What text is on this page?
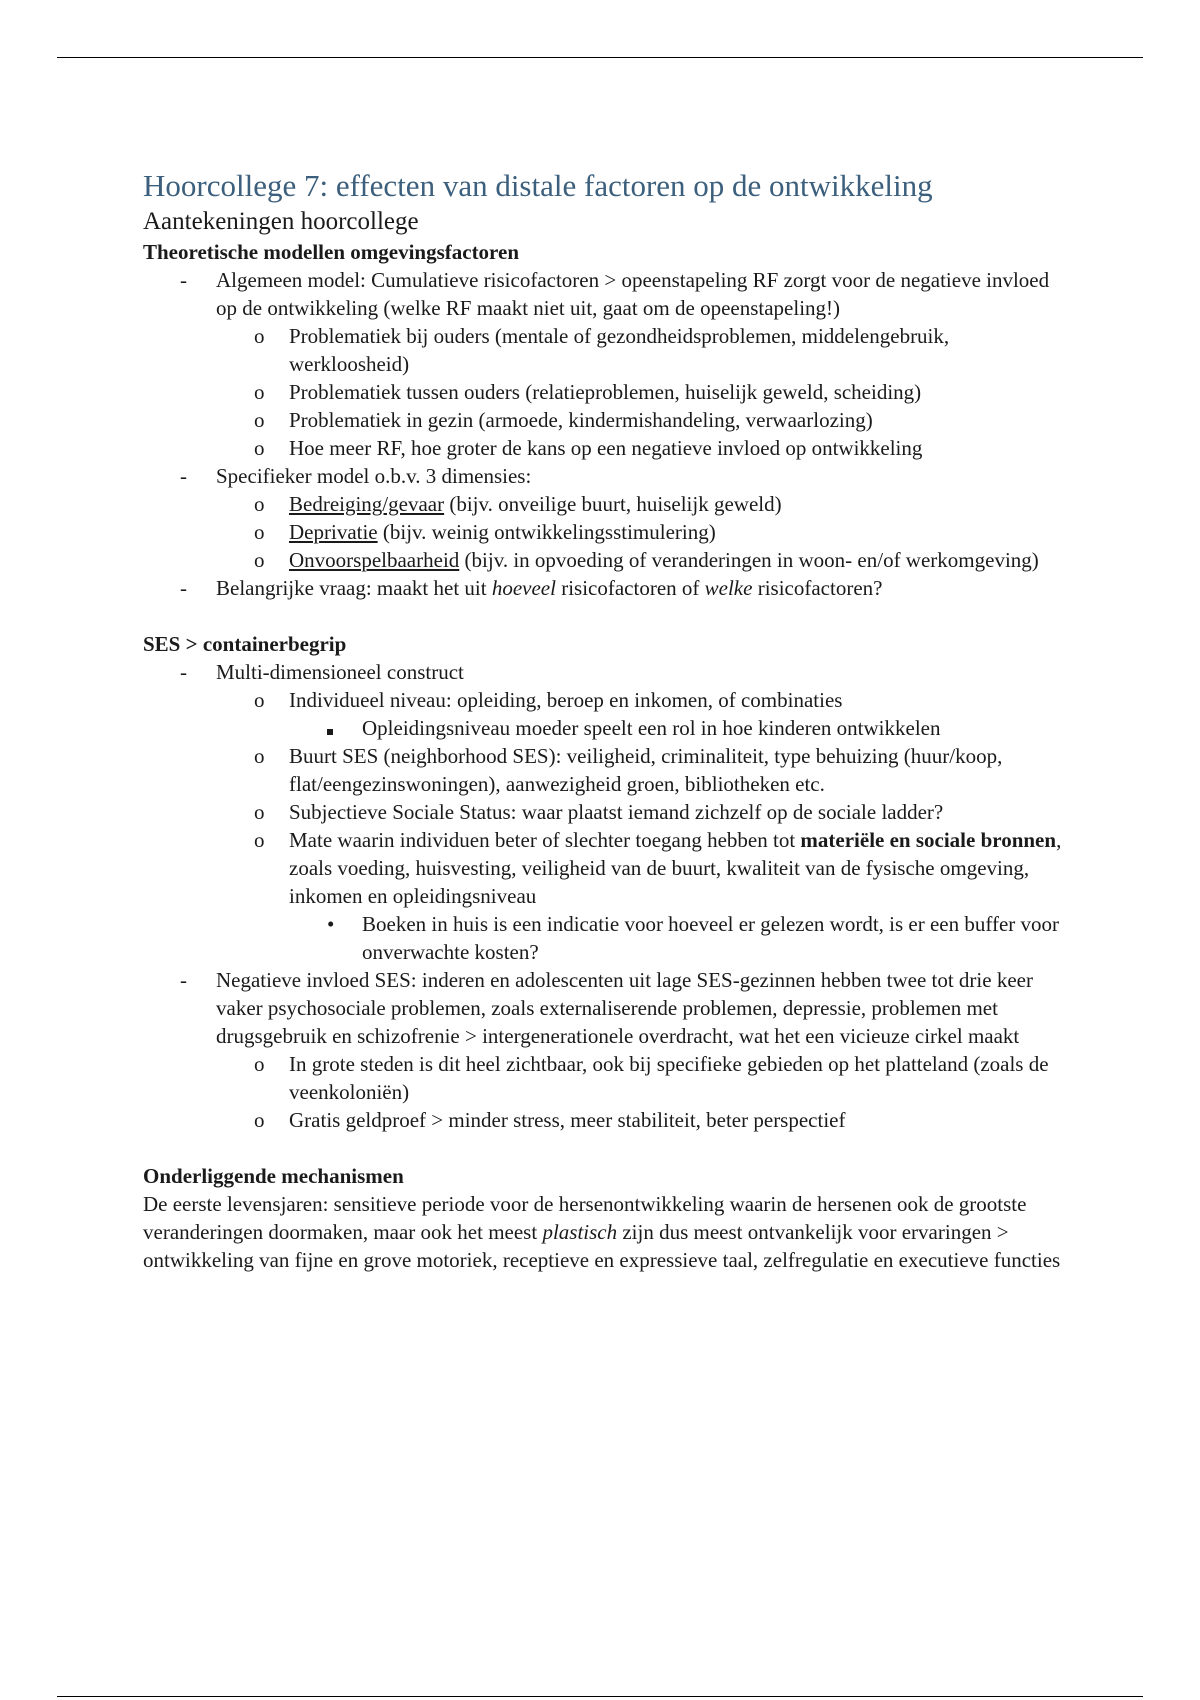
Hoorcollege 7: effecten van distale factoren op de ontwikkeling

Aantekeningen hoorcollege

Theoretische modellen omgevingsfactoren

- Algemeen model: Cumulatieve risicofactoren > opeenstapeling RF zorgt voor de negatieve invloed op de ontwikkeling (welke RF maakt niet uit, gaat om de opeenstapeling!)
o Problematiek bij ouders (mentale of gezondheidsproblemen, middelengebruik, werkloosheid)
o Problematiek tussen ouders (relatieproblemen, huiselijk geweld, scheiding)
o Problematiek in gezin (armoede, kindermishandeling, verwaarlozing)
o Hoe meer RF, hoe groter de kans op een negatieve invloed op ontwikkeling
- Specifieker model o.b.v. 3 dimensies:
o Bedreiging/gevaar (bijv. onveilige buurt, huiselijk geweld)
o Deprivatie (bijv. weinig ontwikkelingsstimulering)
o Onvoorspelbaarheid (bijv. in opvoeding of veranderingen in woon- en/of werkomgeving)
- Belangrijke vraag: maakt het uit hoeveel risicofactoren of welke risicofactoren?

SES > containerbegrip

- Multi-dimensioneel construct
o Individueel niveau: opleiding, beroep en inkomen, of combinaties
Opleidingsniveau moeder speelt een rol in hoe kinderen ontwikkelen
o Buurt SES (neighborhood SES): veiligheid, criminaliteit, type behuizing (huur/koop, flat/eengezinswoningen), aanwezigheid groen, bibliotheken etc.
o Subjectieve Sociale Status: waar plaatst iemand zichzelf op de sociale ladder?
o Mate waarin individuen beter of slechter toegang hebben tot materiële en sociale bronnen, zoals voeding, huisvesting, veiligheid van de buurt, kwaliteit van de fysische omgeving, inkomen en opleidingsniveau
• Boeken in huis is een indicatie voor hoeveel er gelezen wordt, is er een buffer voor onverwachte kosten?
- Negatieve invloed SES: inderen en adolescenten uit lage SES-gezinnen hebben twee tot drie keer vaker psychosociale problemen, zoals externaliserende problemen, depressie, problemen met drugsgebruik en schizofrenie > intergenerationele overdracht, wat het een vicieuze cirkel maakt
o In grote steden is dit heel zichtbaar, ook bij specifieke gebieden op het platteland (zoals de veenkoloniën)
o Gratis geldproef > minder stress, meer stabiliteit, beter perspectief

Onderliggende mechanismen

De eerste levensjaren: sensitieve periode voor de hersenontwikkeling waarin de hersenen ook de grootste veranderingen doormaken, maar ook het meest plastisch zijn dus meest ontvankelijk voor ervaringen > ontwikkeling van fijne en grove motoriek, receptieve en expressieve taal, zelfregulatie en executieve functies
